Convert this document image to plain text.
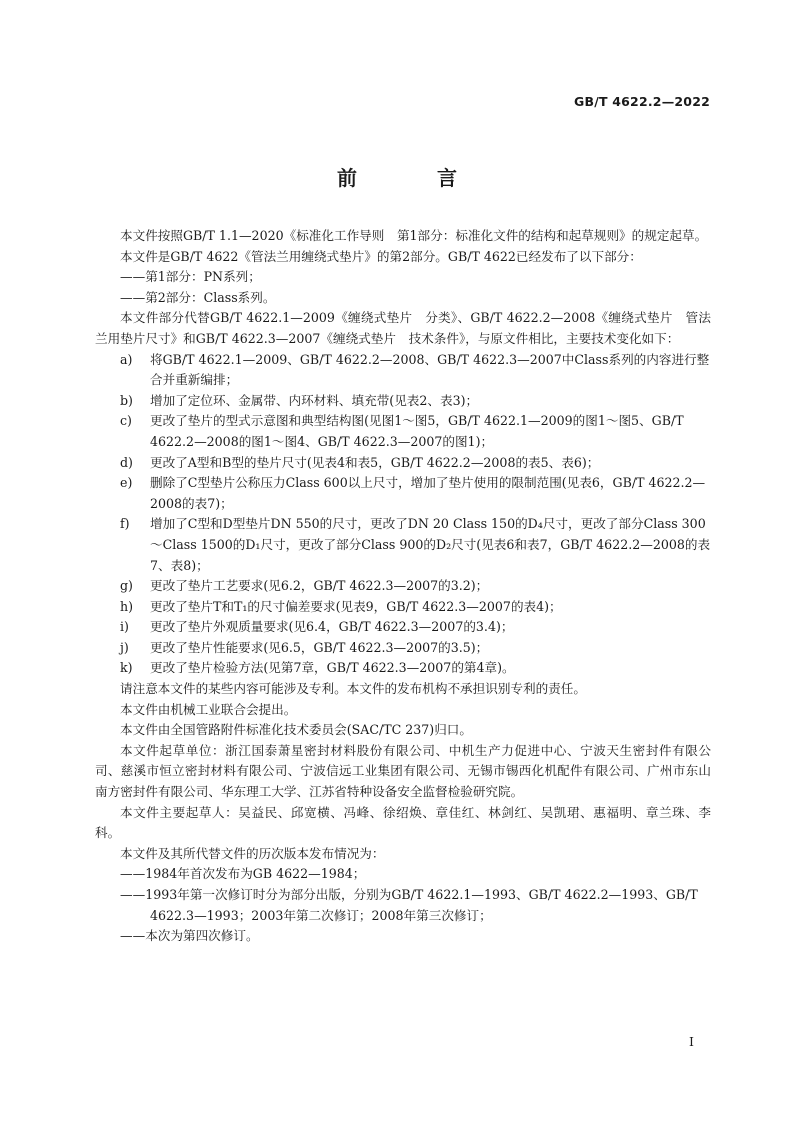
GB/T 4622.2—2022
前　言

本文件按照GB/T 1.1—2020《标准化工作导则　第1部分：标准化文件的结构和起草规则》的规定起草。

本文件是GB/T 4622《管法兰用缠绕式垫片》的第2部分。GB/T 4622已经发布了以下部分：

——第1部分：PN系列；

——第2部分：Class系列。

本文件部分代替GB/T 4622.1—2009《缠绕式垫片　分类》、GB/T 4622.2—2008《缠绕式垫片　管法兰用垫片尺寸》和GB/T 4622.3—2007《缠绕式垫片　技术条件》，与原文件相比，主要技术变化如下：

a)	将GB/T 4622.1—2009、GB/T 4622.2—2008、GB/T 4622.3—2007中Class系列的内容进行整合并重新编排；
b)	增加了定位环、金属带、内环材料、填充带(见表2、表3)；
c)	更改了垫片的型式示意图和典型结构图(见图1～图5，GB/T 4622.1—2009的图1～图5、GB/T 4622.2—2008的图1～图4、GB/T 4622.3—2007的图1)；
d)	更改了A型和B型的垫片尺寸(见表4和表5，GB/T 4622.2—2008的表5、表6)；
e)	删除了C型垫片公称压力Class 600以上尺寸，增加了垫片使用的限制范围(见表6，GB/T 4622.2—2008的表7)；
f)	增加了C型和D型垫片DN 550的尺寸，更改了DN 20 Class 150的D₄尺寸，更改了部分Class 300～Class 1500的D₁尺寸，更改了部分Class 900的D₂尺寸(见表6和表7，GB/T 4622.2—2008的表7、表8)；
g)	更改了垫片工艺要求(见6.2，GB/T 4622.3—2007的3.2)；
h)	更改了垫片T和T₁的尺寸偏差要求(见表9，GB/T 4622.3—2007的表4)；
i)	更改了垫片外观质量要求(见6.4，GB/T 4622.3—2007的3.4)；
j)	更改了垫片性能要求(见6.5，GB/T 4622.3—2007的3.5)；
k)	更改了垫片检验方法(见第7章，GB/T 4622.3—2007的第4章)。

请注意本文件的某些内容可能涉及专利。本文件的发布机构不承担识别专利的责任。

本文件由机械工业联合会提出。

本文件由全国管路附件标准化技术委员会(SAC/TC 237)归口。

本文件起草单位：浙江国泰萧星密封材料股份有限公司、中机生产力促进中心、宁波天生密封件有限公司、慈溪市恒立密封材料有限公司、宁波信远工业集团有限公司、无锡市锡西化机配件有限公司、广州市东山南方密封件有限公司、华东理工大学、江苏省特种设备安全监督检验研究院。

本文件主要起草人：吴益民、邱宽横、冯峰、徐绍焕、章佳红、林剑红、吴凯珺、惠福明、章兰珠、李科。

本文件及其所代替文件的历次版本发布情况为：

——1984年首次发布为GB 4622—1984；

——1993年第一次修订时分为部分出版，分别为GB/T 4622.1—1993、GB/T 4622.2—1993、GB/T 4622.3—1993；2003年第二次修订；2008年第三次修订；

——本次为第四次修订。

I
